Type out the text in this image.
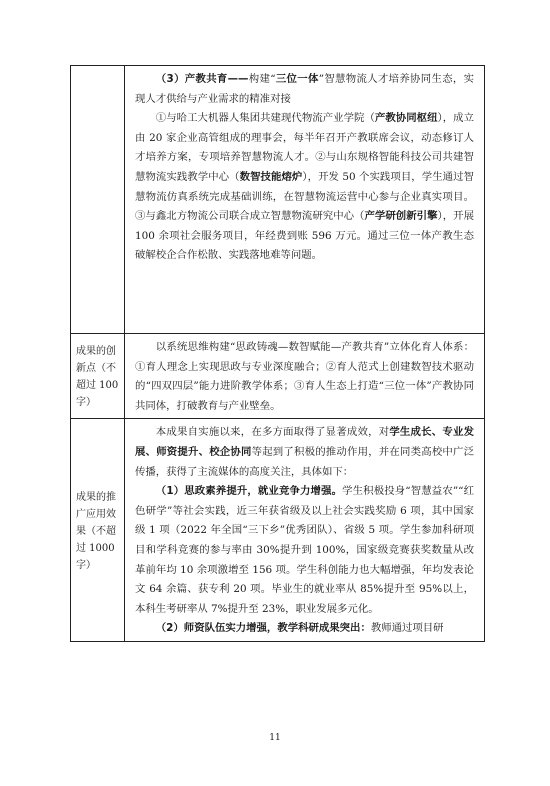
	（3）产教共育——构建“三位一体”智慧物流人才培养协同生态，实现人才供给与产业需求的精准对接

①与哈工大机器人集团共建现代物流产业学院（产教协同枢纽），成立由 20 家企业高管组成的理事会，每半年召开产教联席会议，动态修订人才培养方案，专项培养智慧物流人才。②与山东规格智能科技公司共建智慧物流实践教学中心（数智技能熔炉），开发 50 个实践项目，学生通过智慧物流仿真系统完成基础训练，在智慧物流运营中心参与企业真实项目。③与鑫北方物流公司联合成立智慧物流研究中心（产学研创新引擎），开展 100 余项社会服务项目，年经费到账 596 万元。通过三位一体产教生态破解校企合作松散、实践落地难等问题。

成果的创新点（不超过 100 字）	以系统思维构建“思政铸魂—数智赋能—产教共育”立体化育人体系：①育人理念上实现思政与专业深度融合；②育人范式上创建数智技术驱动的“四双四层”能力进阶教学体系；③育人生态上打造“三位一体”产教协同共同体，打破教育与产业壁垒。

成果的推广应用效果（不超过 1000 字）	本成果自实施以来，在多方面取得了显著成效，对学生成长、专业发展、师资提升、校企协同等起到了积极的推动作用，并在同类高校中广泛传播，获得了主流媒体的高度关注，具体如下：

（1）思政素养提升，就业竞争力增强。学生积极投身“智慧益农”“红色研学”等社会实践，近三年获省级及以上社会实践奖励 6 项，其中国家级 1 项（2022 年全国“三下乡”优秀团队）、省级 5 项。学生参加科研项目和学科竞赛的参与率由 30%提升到 100%，国家级竞赛获奖数量从改革前年均 10 余项激增至 156 项。学生科创能力也大幅增强，年均发表论文 64 余篇、获专利 20 项。毕业生的就业率从 85%提升至 95%以上，本科生考研率从 7%提升至 23%，职业发展多元化。

（2）师资队伍实力增强，教学科研成果突出：教师通过项目研

11
